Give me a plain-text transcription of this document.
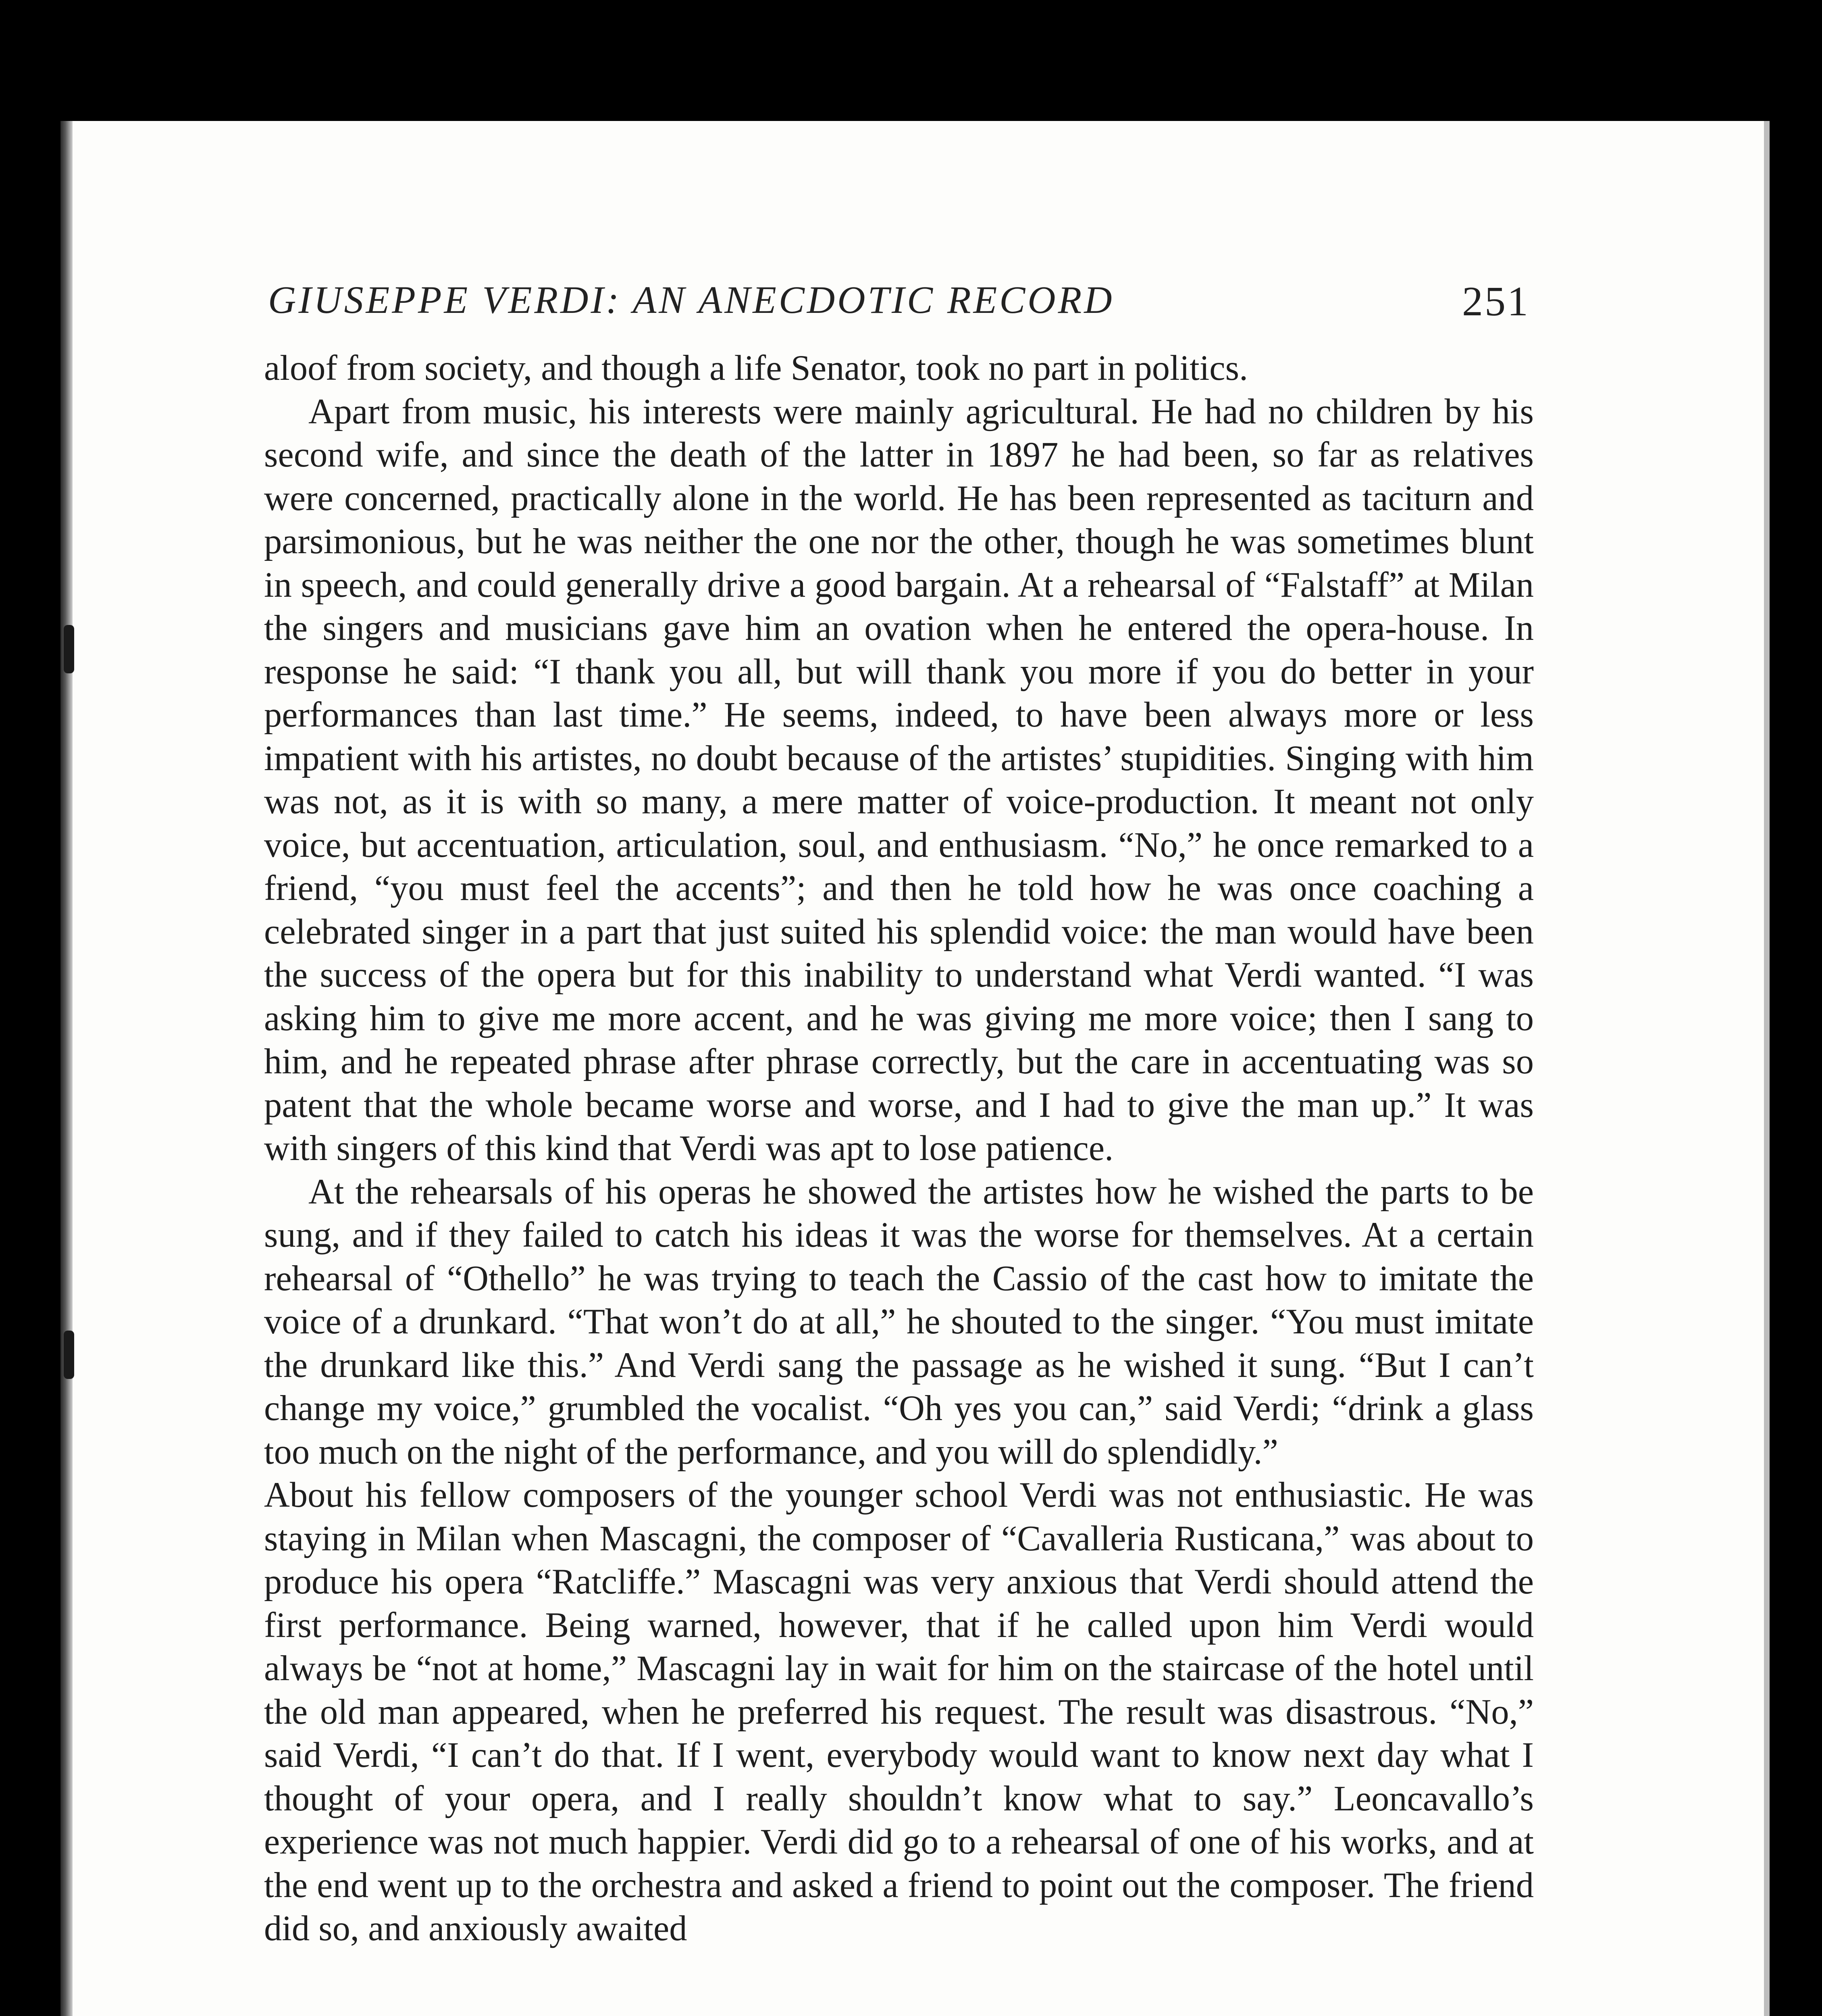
GIUSEPPE VERDI: AN ANECDOTIC RECORD	251

aloof from society, and though a life Senator, took no part in politics.

Apart from music, his interests were mainly agricultural. He had no children by his second wife, and since the death of the latter in 1897 he had been, so far as relatives were concerned, practically alone in the world. He has been represented as taciturn and parsimonious, but he was neither the one nor the other, though he was sometimes blunt in speech, and could generally drive a good bargain. At a rehearsal of “Falstaff” at Milan the singers and musicians gave him an ovation when he entered the opera-house. In response he said: “I thank you all, but will thank you more if you do better in your performances than last time.” He seems, indeed, to have been always more or less impatient with his artistes, no doubt because of the artistes’ stupidities. Singing with him was not, as it is with so many, a mere matter of voice-production. It meant not only voice, but accentuation, articulation, soul, and enthusiasm. “No,” he once remarked to a friend, “you must feel the accents”; and then he told how he was once coaching a celebrated singer in a part that just suited his splendid voice: the man would have been the success of the opera but for this inability to understand what Verdi wanted. “I was asking him to give me more accent, and he was giving me more voice; then I sang to him, and he repeated phrase after phrase correctly, but the care in accentuating was so patent that the whole became worse and worse, and I had to give the man up.” It was with singers of this kind that Verdi was apt to lose patience.

At the rehearsals of his operas he showed the artistes how he wished the parts to be sung, and if they failed to catch his ideas it was the worse for themselves. At a certain rehearsal of “Othello” he was trying to teach the Cassio of the cast how to imitate the voice of a drunkard. “That won’t do at all,” he shouted to the singer. “You must imitate the drunkard like this.” And Verdi sang the passage as he wished it sung. “But I can’t change my voice,” grumbled the vocalist. “Oh yes you can,” said Verdi; “drink a glass too much on the night of the performance, and you will do splendidly.”

About his fellow composers of the younger school Verdi was not enthusiastic. He was staying in Milan when Mascagni, the composer of “Cavalleria Rusticana,” was about to produce his opera “Ratcliffe.” Mascagni was very anxious that Verdi should attend the first performance. Being warned, however, that if he called upon him Verdi would always be “not at home,” Mascagni lay in wait for him on the staircase of the hotel until the old man appeared, when he preferred his request. The result was disastrous. “No,” said Verdi, “I can’t do that. If I went, everybody would want to know next day what I thought of your opera, and I really shouldn’t know what to say.” Leoncavallo’s experience was not much happier. Verdi did go to a rehearsal of one of his works, and at the end went up to the orchestra and asked a friend to point out the composer. The friend did so, and anxiously awaited
